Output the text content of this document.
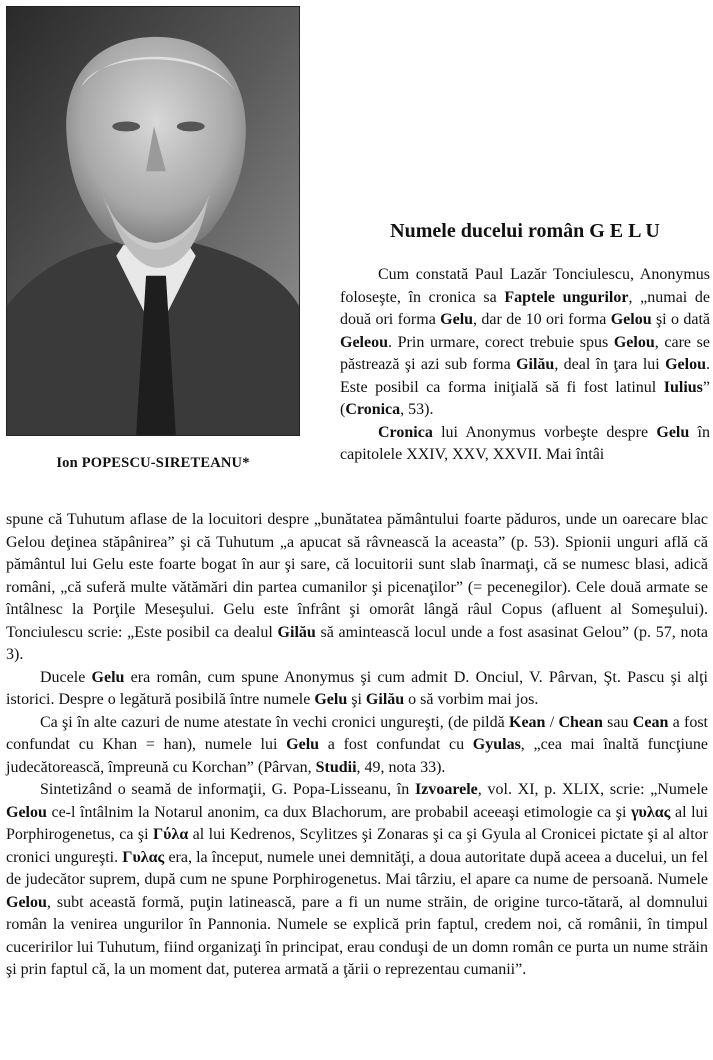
Ion POPESCU-SIRETEANU*
Numele ducelui român G E L U

Cum constată Paul Lazăr Tonciulescu, Anonymus foloseşte, în cronica sa Faptele ungurilor, „numai de două ori forma Gelu, dar de 10 ori forma Gelou şi o dată Geleou. Prin urmare, corect trebuie spus Gelou, care se păstrează şi azi sub forma Gilău, deal în ţara lui Gelou. Este posibil ca forma iniţială să fi fost latinul Iulius” (Cronica, 53).

Cronica lui Anonymus vorbeşte despre Gelu în capitolele XXIV, XXV, XXVII. Mai întâi

spune că Tuhutum aflase de la locuitori despre „bunătatea pământului foarte păduros, unde un oarecare blac Gelou deţinea stăpânirea” şi că Tuhutum „a apucat să râvnească la aceasta” (p. 53). Spionii unguri află că pământul lui Gelu este foarte bogat în aur şi sare, că locuitorii sunt slab înarmaţi, că se numesc blasi, adică români, „că suferă multe vătămări din partea cumanilor şi picenaţilor” (= pecenegilor). Cele două armate se întâlnesc la Porţile Meseşului. Gelu este înfrânt şi omorât lângă râul Copus (afluent al Someşului). Tonciulescu scrie: „Este posibil ca dealul Gilău să amintească locul unde a fost asasinat Gelou” (p. 57, nota 3).

Ducele Gelu era român, cum spune Anonymus şi cum admit D. Onciul, V. Pârvan, Şt. Pascu şi alţi istorici. Despre o legătură posibilă între numele Gelu şi Gilău o să vorbim mai jos.

Ca şi în alte cazuri de nume atestate în vechi cronici ungureşti, (de pildă Kean / Chean sau Cean a fost confundat cu Khan = han), numele lui Gelu a fost confundat cu Gyulas, „cea mai înaltă funcţiune judecătorească, împreună cu Korchan” (Pârvan, Studii, 49, nota 33).

Sintetizând o seamă de informaţii, G. Popa-Lisseanu, în Izvoarele, vol. XI, p. XLIX, scrie: „Numele Gelou ce-l întâlnim la Notarul anonim, ca dux Blachorum, are probabil aceeaşi etimologie ca şi γυλας al lui Porphirogenetus, ca şi Γύλα al lui Kedrenos, Scylitzes şi Zonaras şi ca şi Gyula al Cronicei pictate şi al altor cronici ungureşti. Γυλας era, la început, numele unei demnităţi, a doua autoritate după aceea a ducelui, un fel de judecător suprem, după cum ne spune Porphirogenetus. Mai târziu, el apare ca nume de persoană. Numele Gelou, subt această formă, puţin latinească, pare a fi un nume străin, de origine turco-tătară, al domnului român la venirea ungurilor în Pannonia. Numele se explică prin faptul, credem noi, că românii, în timpul cuceririlor lui Tuhutum, fiind organizaţi în principat, erau conduşi de un domn român ce purta un nume străin şi prin faptul că, la un moment dat, puterea armată a ţării o reprezentau cumanii”.
